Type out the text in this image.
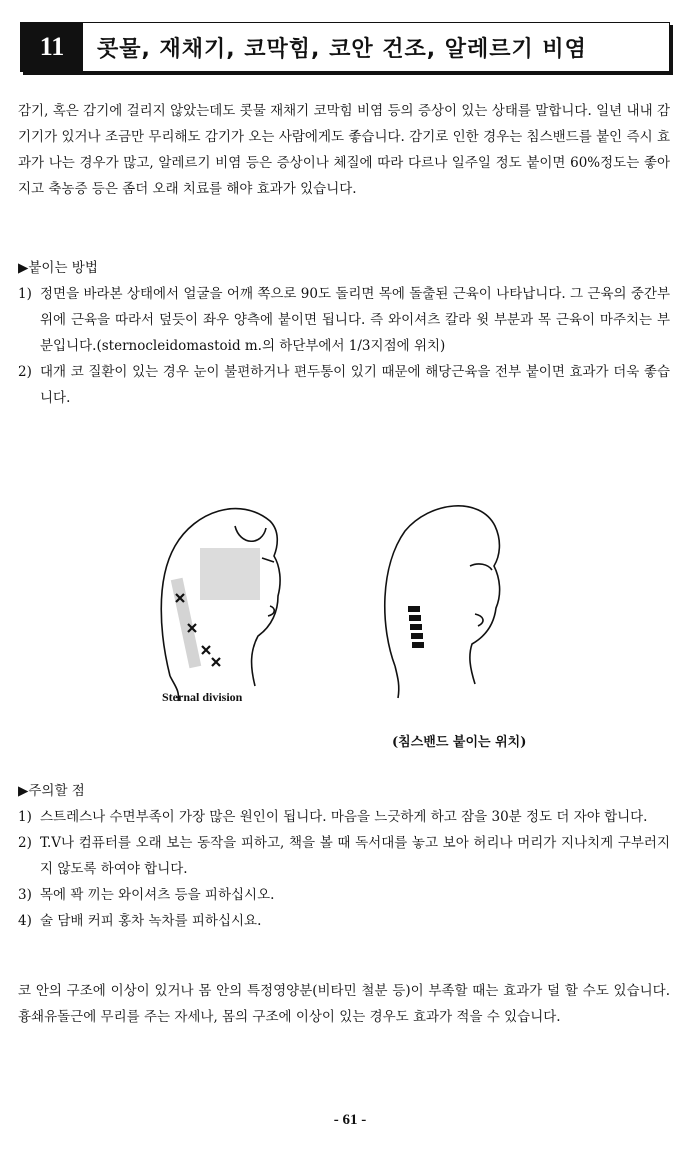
11	콧물, 재채기, 코막힘, 코안 건조, 알레르기 비염

감기, 혹은 감기에 걸리지 않았는데도 콧물 재채기 코막힘 비염 등의 증상이 있는 상태를 말합니다. 일년 내내 감기기가 있거나 조금만 무리해도 감기가 오는 사람에게도 좋습니다. 감기로 인한 경우는 침스밴드를 붙인 즉시 효과가 나는 경우가 많고, 알레르기 비염 등은 증상이나 체질에 따라 다르나 일주일 정도 붙이면 60%정도는 좋아지고 축농증 등은 좀더 오래 치료를 해야 효과가 있습니다.

▶붙이는 방법

1) 정면을 바라본 상태에서 얼굴을 어깨 쪽으로 90도 돌리면 목에 돌출된 근육이 나타납니다. 그 근육의 중간부위에 근육을 따라서 덮듯이 좌우 양측에 붙이면 됩니다. 즉 와이셔츠 칼라 윗 부분과 목 근육이 마주치는 부분입니다.(sternocleidomastoid m.의 하단부에서 1/3지점에 위치)
2) 대개 코 질환이 있는 경우 눈이 불편하거나 편두통이 있기 때문에 해당근육을 전부 붙이면 효과가 더욱 좋습니다.
Sternal division
(침스밴드 붙이는 위치)

▶주의할 점

1) 스트레스나 수면부족이 가장 많은 원인이 됩니다. 마음을 느긋하게 하고 잠을 30분 정도 더 자야 합니다.
2) T.V나 컴퓨터를 오래 보는 동작을 피하고, 책을 볼 때 독서대를 놓고 보아 허리나 머리가 지나치게 구부러지지 않도록 하여야 합니다.
3) 목에 꽉 끼는 와이셔츠 등을 피하십시오.
4) 술 담배 커피 홍차 녹차를 피하십시요.

코 안의 구조에 이상이 있거나 몸 안의 특정영양분(비타민 철분 등)이 부족할 때는 효과가 덜 할 수도 있습니다. 흉쇄유돌근에 무리를 주는 자세나, 몸의 구조에 이상이 있는 경우도 효과가 적을 수 있습니다.

- 61 -
